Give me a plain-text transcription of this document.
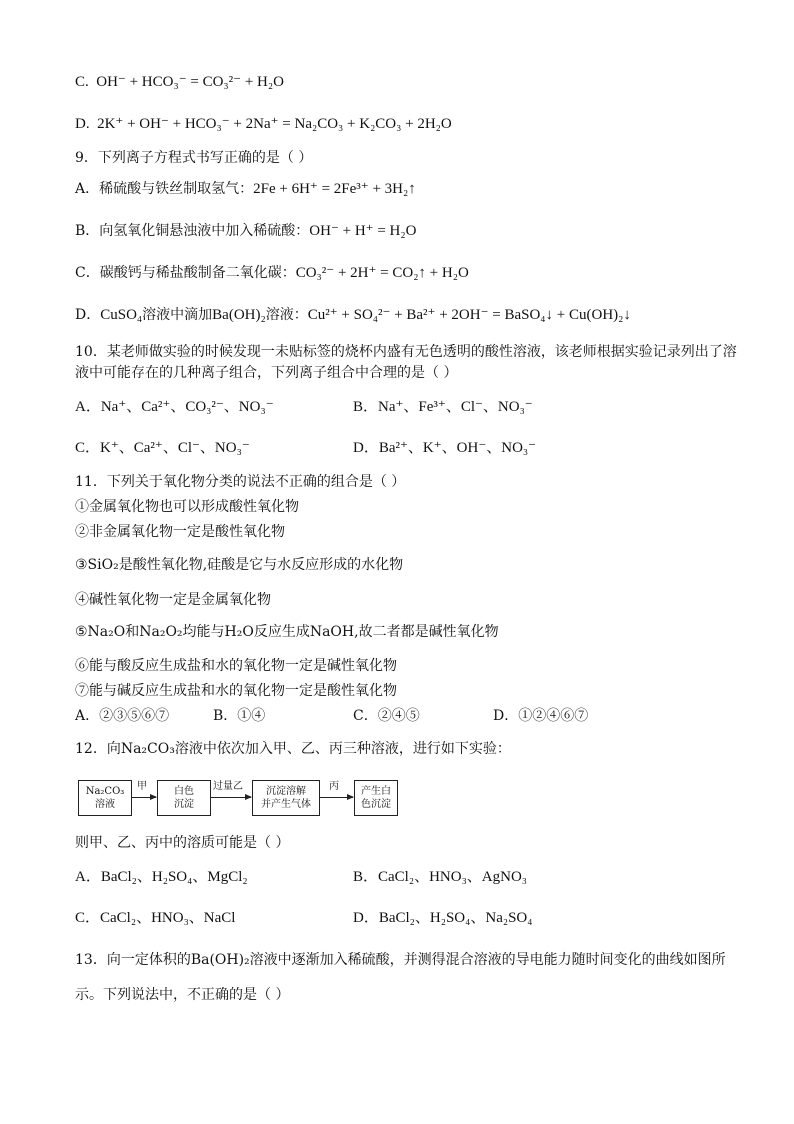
C. OH⁻ + HCO₃⁻ = CO₃²⁻ + H₂O
D. 2K⁺ + OH⁻ + HCO₃⁻ + 2Na⁺ = Na₂CO₃ + K₂CO₃ + 2H₂O
9．下列离子方程式书写正确的是（ ）
A．稀硫酸与铁丝制取氢气：2Fe + 6H⁺ = 2Fe³⁺ + 3H₂↑
B．向氢氧化铜悬浊液中加入稀硫酸：OH⁻ + H⁺ = H₂O
C．碳酸钙与稀盐酸制备二氧化碳：CO₃²⁻ + 2H⁺ = CO₂↑ + H₂O
D．CuSO₄溶液中滴加Ba(OH)₂溶液：Cu²⁺ + SO₄²⁻ + Ba²⁺ + 2OH⁻ = BaSO₄↓ + Cu(OH)₂↓
10．某老师做实验的时候发现一未贴标签的烧杯内盛有无色透明的酸性溶液，该老师根据实验记录列出了溶
液中可能存在的几种离子组合，下列离子组合中合理的是（ ）
A．Na⁺、Ca²⁺、CO₃²⁻、NO₃⁻	B．Na⁺、Fe³⁺、Cl⁻、NO₃⁻
C．K⁺、Ca²⁺、Cl⁻、NO₃⁻	D．Ba²⁺、K⁺、OH⁻、NO₃⁻
11．下列关于氧化物分类的说法不正确的组合是（ ）
①金属氧化物也可以形成酸性氧化物
②非金属氧化物一定是酸性氧化物
③SiO₂是酸性氧化物,硅酸是它与水反应形成的水化物
④碱性氧化物一定是金属氧化物
⑤Na₂O和Na₂O₂均能与H₂O反应生成NaOH,故二者都是碱性氧化物
⑥能与酸反应生成盐和水的氧化物一定是碱性氧化物
⑦能与碱反应生成盐和水的氧化物一定是酸性氧化物
A．②③⑤⑥⑦	B．①④	C．②④⑤	D．①②④⑥⑦
12．向Na₂CO₃溶液中依次加入甲、乙、丙三种溶液，进行如下实验：
Na₂CO₃
溶液
甲	白色
沉淀
过量乙	沉淀溶解
并产生气体
丙	产生白
色沉淀
则甲、乙、丙中的溶质可能是（ ）
A．BaCl₂、H₂SO₄、MgCl₂	B．CaCl₂、HNO₃、AgNO₃
C．CaCl₂、HNO₃、NaCl	D．BaCl₂、H₂SO₄、Na₂SO₄
13．向一定体积的Ba(OH)₂溶液中逐渐加入稀硫酸，并测得混合溶液的导电能力随时间变化的曲线如图所
示。下列说法中，不正确的是（ ）
